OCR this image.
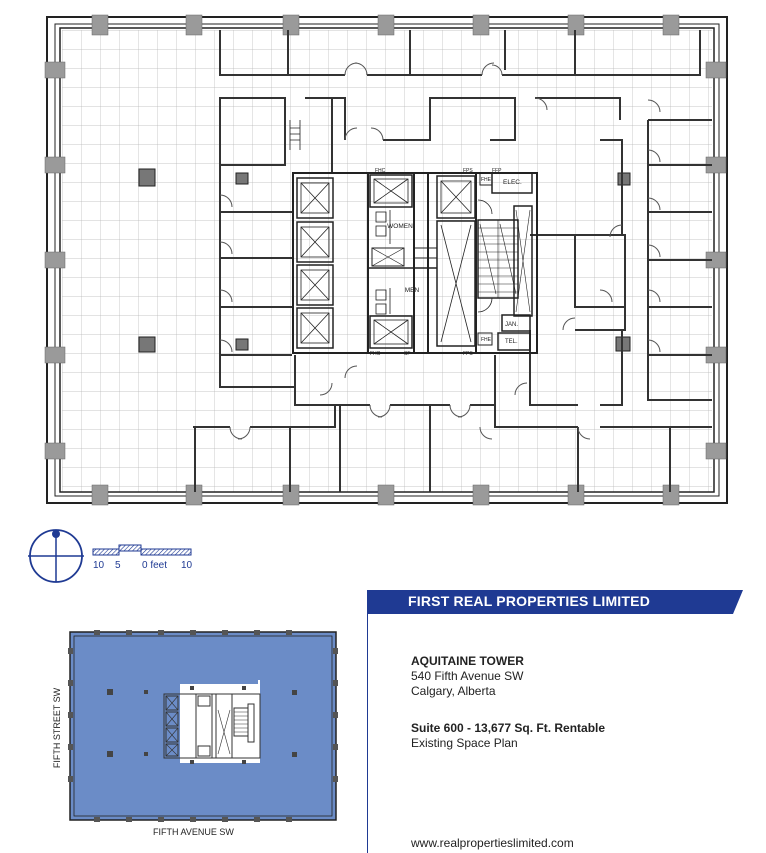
WOMEN
MEN
ELEC.
JAN.
TEL.
FHC	FPS	FFP
FHE
FHC	SF	FPS
FHE
10 5 0 feet 10
FIFTH STREET SW
FIFTH AVENUE SW
FIRST REAL PROPERTIES LIMITED
AQUITAINE TOWER
540 Fifth Avenue SW
Calgary, Alberta
Suite 600 - 13,677 Sq. Ft. Rentable
Existing Space Plan
www.realpropertieslimited.com
